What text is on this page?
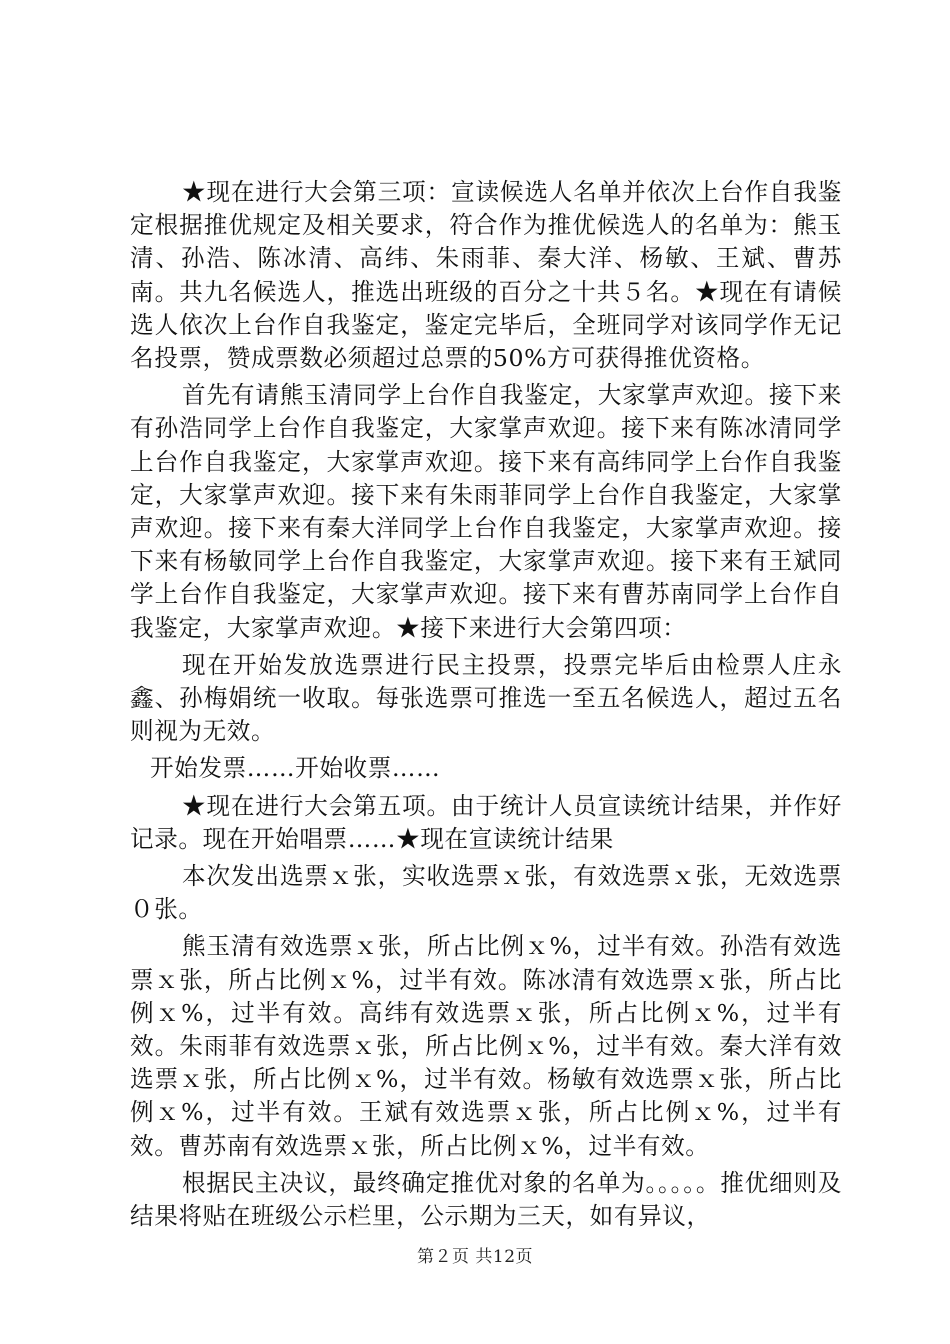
★现在进行大会第三项：宣读候选人名单并依次上台作自我鉴定根据推优规定及相关要求，符合作为推优候选人的名单为：熊玉清、孙浩、陈冰清、高纬、朱雨菲、秦大洋、杨敏、王斌、曹苏南。共九名候选人，推选出班级的百分之十共５名。★现在有请候选人依次上台作自我鉴定，鉴定完毕后，全班同学对该同学作无记名投票，赞成票数必须超过总票的50%方可获得推优资格。

首先有请熊玉清同学上台作自我鉴定，大家掌声欢迎。接下来有孙浩同学上台作自我鉴定，大家掌声欢迎。接下来有陈冰清同学上台作自我鉴定，大家掌声欢迎。接下来有高纬同学上台作自我鉴定，大家掌声欢迎。接下来有朱雨菲同学上台作自我鉴定，大家掌声欢迎。接下来有秦大洋同学上台作自我鉴定，大家掌声欢迎。接下来有杨敏同学上台作自我鉴定，大家掌声欢迎。接下来有王斌同学上台作自我鉴定，大家掌声欢迎。接下来有曹苏南同学上台作自我鉴定，大家掌声欢迎。★接下来进行大会第四项：

现在开始发放选票进行民主投票，投票完毕后由检票人庄永鑫、孙梅娟统一收取。每张选票可推选一至五名候选人，超过五名则视为无效。

开始发票……开始收票……

★现在进行大会第五项。由于统计人员宣读统计结果，并作好记录。现在开始唱票……★现在宣读统计结果

本次发出选票ｘ张，实收选票ｘ张，有效选票ｘ张，无效选票０张。

熊玉清有效选票ｘ张，所占比例ｘ%，过半有效。孙浩有效选票ｘ张，所占比例ｘ%，过半有效。陈冰清有效选票ｘ张，所占比例ｘ%，过半有效。高纬有效选票ｘ张，所占比例ｘ%，过半有效。朱雨菲有效选票ｘ张，所占比例ｘ%，过半有效。秦大洋有效选票ｘ张，所占比例ｘ%，过半有效。杨敏有效选票ｘ张，所占比例ｘ%，过半有效。王斌有效选票ｘ张，所占比例ｘ%，过半有效。曹苏南有效选票ｘ张，所占比例ｘ%，过半有效。

根据民主决议，最终确定推优对象的名单为。。。。。推优细则及结果将贴在班级公示栏里，公示期为三天，如有异议，

第２页 共12页
